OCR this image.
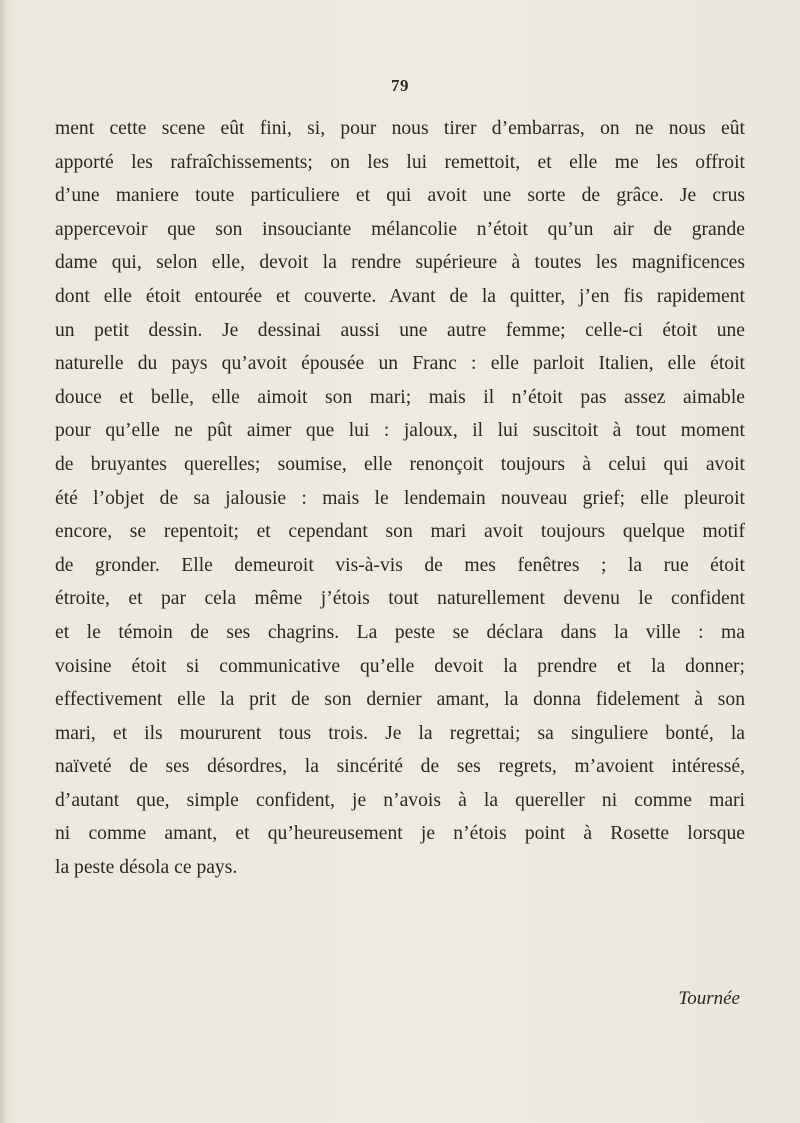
79
ment cette scene eût fini, si, pour nous tirer d’embarras, on ne nous eût
apporté les rafraîchissements; on les lui remettoit, et elle me les offroit
d’une maniere toute particuliere et qui avoit une sorte de grâce. Je crus
appercevoir que son insouciante mélancolie n’étoit qu’un air de grande
dame qui, selon elle, devoit la rendre supérieure à toutes les magnificences
dont elle étoit entourée et couverte. Avant de la quitter, j’en fis rapidement
un petit dessin. Je dessinai aussi une autre femme; celle-ci étoit une
naturelle du pays qu’avoit épousée un Franc : elle parloit Italien, elle étoit
douce et belle, elle aimoit son mari; mais il n’étoit pas assez aimable
pour qu’elle ne pût aimer que lui : jaloux, il lui suscitoit à tout moment
de bruyantes querelles; soumise, elle renonçoit toujours à celui qui avoit
été l’objet de sa jalousie : mais le lendemain nouveau grief; elle pleuroit
encore, se repentoit; et cependant son mari avoit toujours quelque motif
de gronder. Elle demeuroit vis-à-vis de mes fenêtres ; la rue étoit
étroite, et par cela même j’étois tout naturellement devenu le confident
et le témoin de ses chagrins. La peste se déclara dans la ville : ma
voisine étoit si communicative qu’elle devoit la prendre et la donner;
effectivement elle la prit de son dernier amant, la donna fidelement à son
mari, et ils moururent tous trois. Je la regrettai; sa singuliere bonté, la
naïveté de ses désordres, la sincérité de ses regrets, m’avoient intéressé,
d’autant que, simple confident, je n’avois à la quereller ni comme mari
ni comme amant, et qu’heureusement je n’étois point à Rosette lorsque
la peste désola ce pays.
Tournée
